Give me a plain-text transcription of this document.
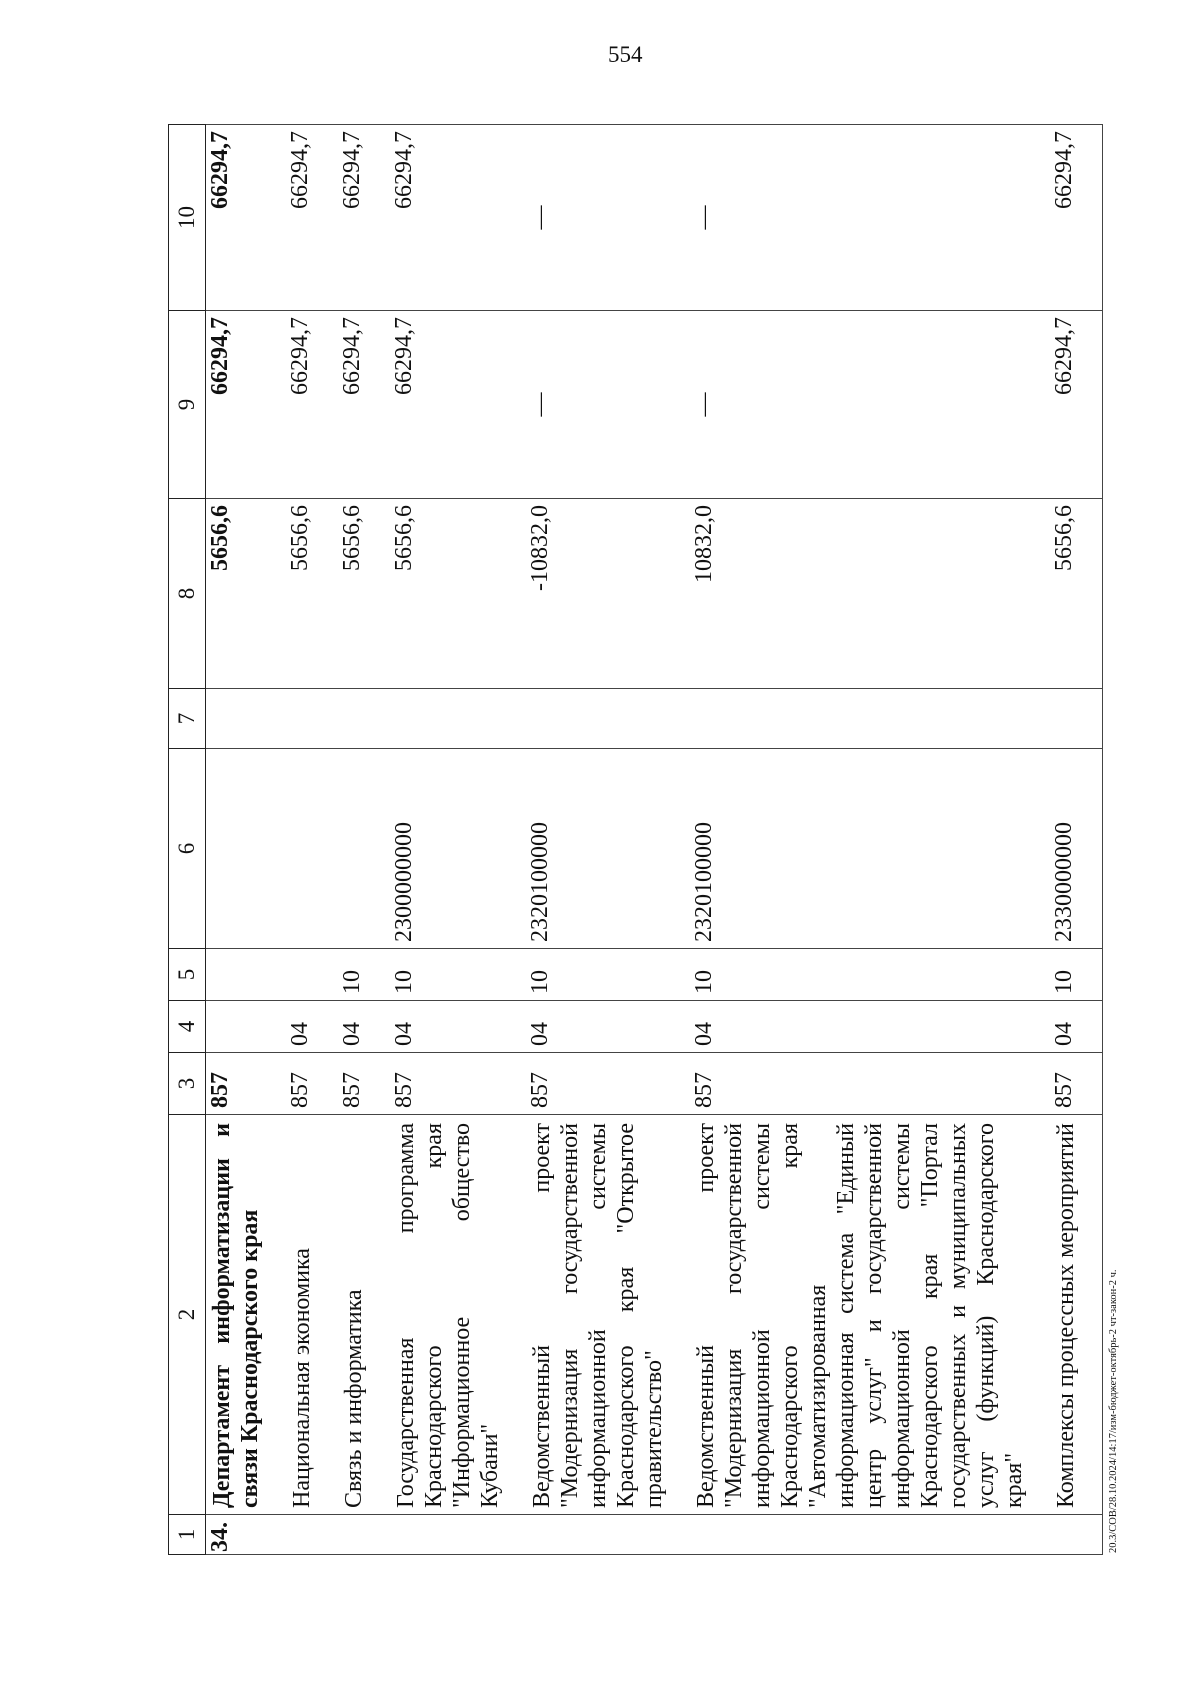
554
20.3/СОВ/28.10.2024/14:17/изм-бюджет-октябрь-2 чт-закон-2 ч.
1	2	3	4	5	6	7	8	9	10
34.	Департамент информатизации и связи Краснодарского края	857					5656,6	66294,7	66294,7
	Национальная экономика	857	04				5656,6	66294,7	66294,7
	Связь и информатика	857	04	10			5656,6	66294,7	66294,7
	Государственная программа Краснодарского края "Информационное общество Кубани"	857	04	10	2300000000		5656,6	66294,7	66294,7
	Ведомственный проект "Модернизация государственной информационной системы Краснодарского края "Открытое правительство"	857	04	10	2320100000		-10832,0	—	—
	Ведомственный проект "Модернизация государственной информационной системы Краснодарского края "Автоматизированная информационная система "Единый центр услуг" и государственной информационной системы Краснодарского края "Портал государственных и муниципальных услуг (функций) Краснодарского края"	857	04	10	2320100000		10832,0	—	—
	Комплексы процессных мероприятий	857	04	10	2330000000		5656,6	66294,7	66294,7
